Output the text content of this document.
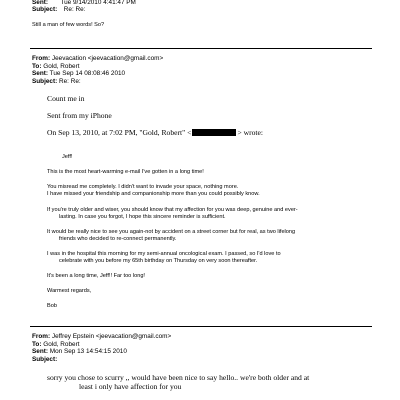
Sent: Tue 9/14/2010 4:41:47 PM
Subject: Re: Re:
Still a man of few words! So?
From: Jeevacation <jeevacation@gmail.com>
To: Gold, Robert
Sent: Tue Sep 14 08:08:46 2010
Subject: Re: Re:
Count me in
Sent from my iPhone
On Sep 13, 2010, at 7:02 PM, "Gold, Robert" <	> wrote:
Jeff!
This is the most heart-warming e-mail I've gotten in a long time!
You misread me completely. I didn't want to invade your space, nothing more.
I have missed your friendship and companionship more than you could possibly know.
If you're truly older and wiser, you should know that my affection for you was deep, genuine and ever-
lasting. In case you forgot, I hope this sincere reminder is sufficient.
It would be really nice to see you again-not by accident on a street corner but for real, as two lifelong
friends who decided to re-connect permanently.
I was in the hospital this morning for my semi-annual oncological exam. I passed, so I'd love to
celebrate with you before my 65th birthday on Thursday on very soon thereafter.
It's been a long time, Jeff!! Far too long!
Warmest regards,
Bob
From: Jeffrey Epstein <jeevacation@gmail.com>
To: Gold, Robert
Sent: Mon Sep 13 14:54:15 2010
Subject:
sorry you chose to scurry ,, would have been nice to say hello.. we're both older and at
least i only have affection for you
